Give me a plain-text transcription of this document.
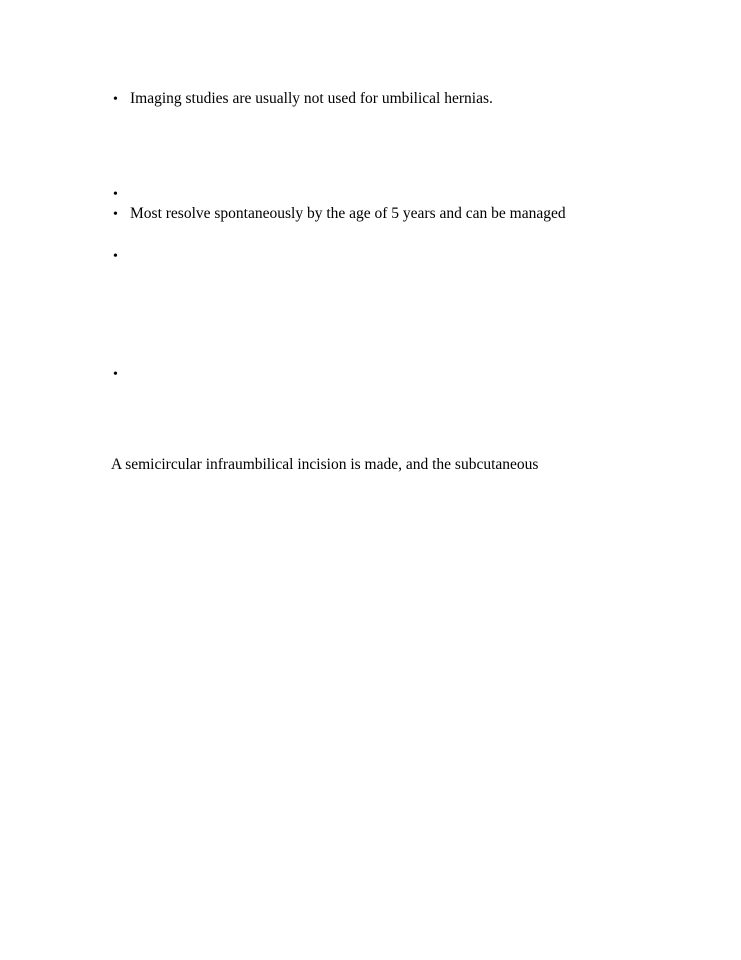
• Imaging studies are usually not used for umbilical hernias.
•
• Most resolve spontaneously by the age of 5 years and can be managed
•
•
A semicircular infraumbilical incision is made, and the subcutaneous
